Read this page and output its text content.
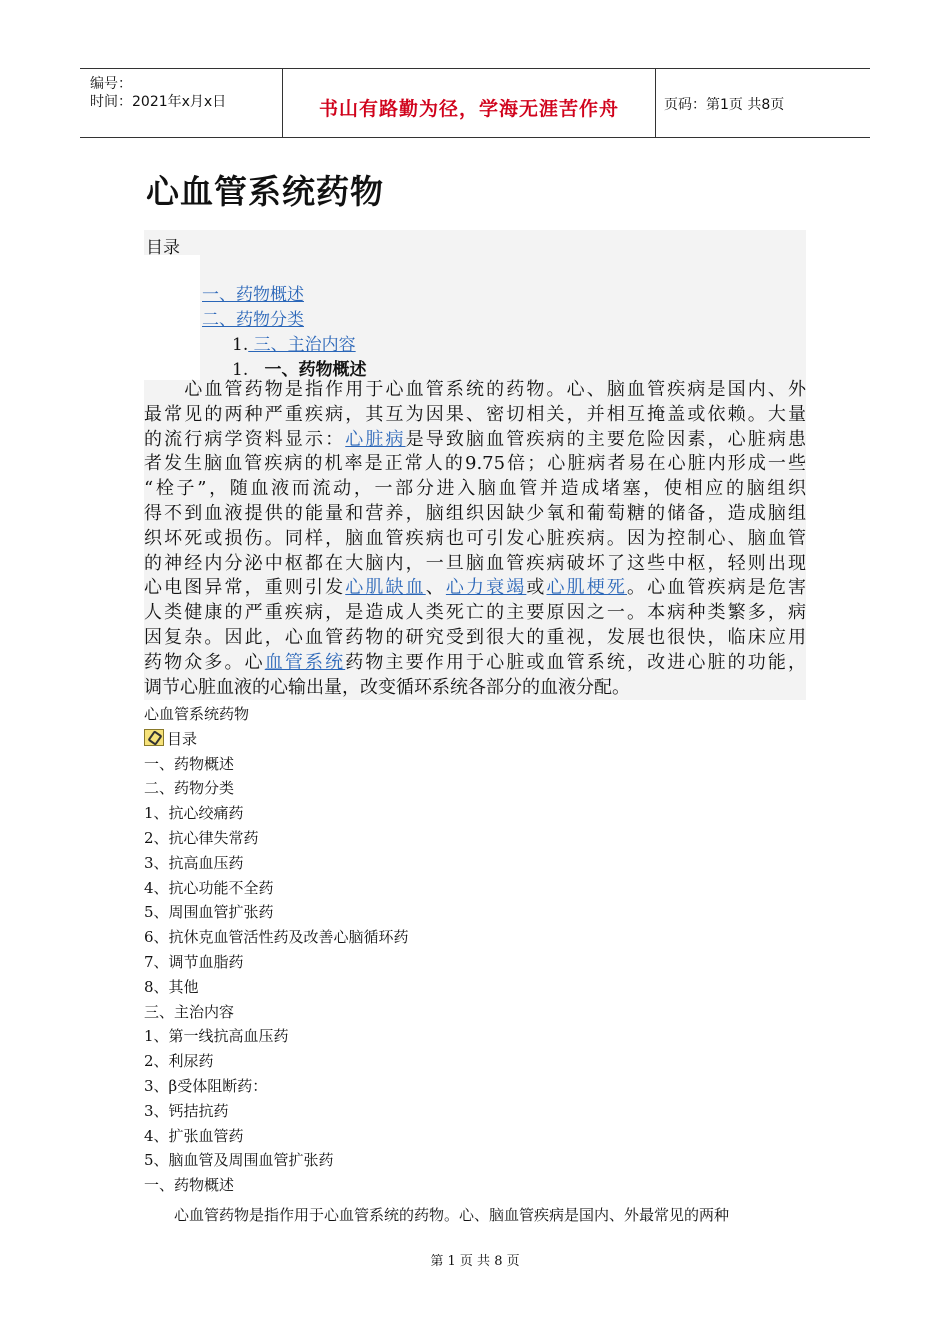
编号：
时间：2021年x月x日	书山有路勤为径，学海无涯苦作舟	页码：第1页 共8页
心血管系统药物
目录
一、药物概述
二、药物分类
1. 三、主治内容
1. 一、药物概述
　　心血管药物是指作用于心血管系统的药物。心、脑血管疾病是国内、外
最常见的两种严重疾病，其互为因果、密切相关，并相互掩盖或依赖。大量
的流行病学资料显示：心脏病是导致脑血管疾病的主要危险因素，心脏病患
者发生脑血管疾病的机率是正常人的9.75倍；心脏病者易在心脏内形成一些
“栓子”，随血液而流动，一部分进入脑血管并造成堵塞，使相应的脑组织
得不到血液提供的能量和营养，脑组织因缺少氧和葡萄糖的储备，造成脑组
织坏死或损伤。同样，脑血管疾病也可引发心脏疾病。因为控制心、脑血管
的神经内分泌中枢都在大脑内，一旦脑血管疾病破坏了这些中枢，轻则出现
心电图异常，重则引发心肌缺血、心力衰竭或心肌梗死。心血管疾病是危害
人类健康的严重疾病，是造成人类死亡的主要原因之一。本病种类繁多，病
因复杂。因此，心血管药物的研究受到很大的重视，发展也很快，临床应用
药物众多。心血管系统药物主要作用于心脏或血管系统，改进心脏的功能，
调节心脏血液的心输出量，改变循环系统各部分的血液分配。
心血管系统药物
目录
一、药物概述
二、药物分类
1、抗心绞痛药
2、抗心律失常药
3、抗高血压药
4、抗心功能不全药
5、周围血管扩张药
6、抗休克血管活性药及改善心脑循环药
7、调节血脂药
8、其他
三、主治内容
1、第一线抗高血压药
2、利尿药
3、β受体阻断药：
3、钙拮抗药
4、扩张血管药
5、脑血管及周围血管扩张药
一、药物概述
　　心血管药物是指作用于心血管系统的药物。心、脑血管疾病是国内、外最常见的两种
第 1 页 共 8 页
